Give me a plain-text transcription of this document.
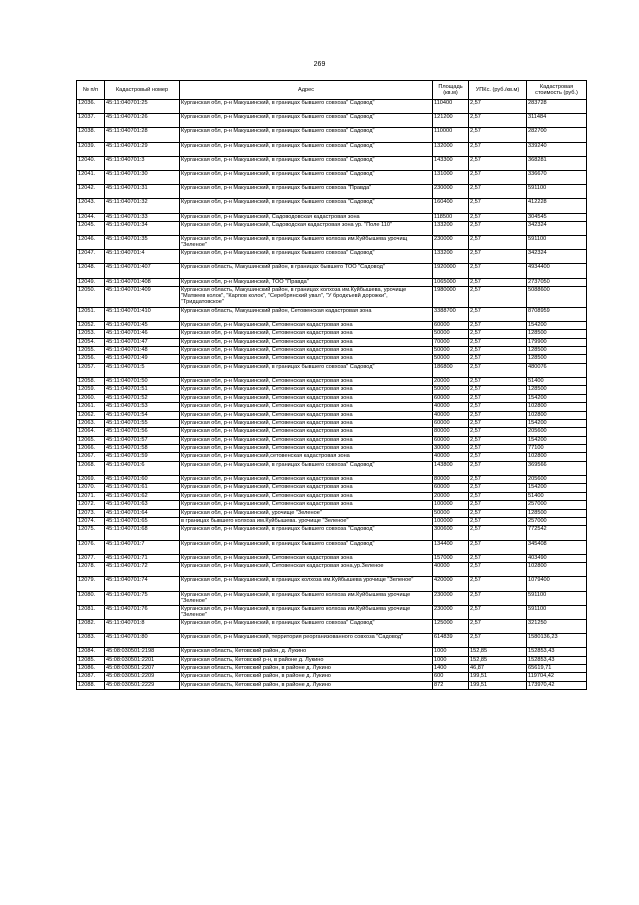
269
№ п/п	Кадастровый номер	Адрес	Площадь (кв.м)	УПКс. (руб./кв.м)	Кадастровая стоимость (руб.)
12036.	45:11:040701:25	Курганская обл, р-н Макушинский, в границах бывшего совхоза" Садовод"	110400	2,57	283728
12037.	45:11:040701:26	Курганская обл, р-н Макушинский, в границах бывшего совхоза" Садовод"	121200	2,57	311484
12038.	45:11:040701:28	Курганская обл, р-н Макушинский, в границах бывшего совхоза" Садовод"	110000	2,57	282700
12039.	45:11:040701:29	Курганская обл, р-н Макушинский, в границах бывшего совхоза" Садовод"	132000	2,57	339240
12040.	45:11:040701:3	Курганская обл, р-н Макушинский, в границах бывшего совхоза" Садовод"	143300	2,57	368281
12041.	45:11:040701:30	Курганская обл, р-н Макушинский, в границах бывшего совхоза" Садовод"	131000	2,57	336670
12042.	45:11:040701:31	Курганская обл, р-н Макушинский, в границах бывшего совхоза "Правда"	230000	2,57	591100
12043.	45:11:040701:32	Курганская обл, р-н Макушинский, в границах бывшего совхоза "Садовод"	160400	2,57	412228
12044.	45:11:040701:33	Курганская обл, р-н Макушинский, Садоводовская кадастровая зона	118500	2,57	304545
12045.	45:11:040701:34	Курганская обл, р-н Макушинский, Садоводская кадастровая зона ур. "Поле 110"	133200	2,57	342324
12046.	45:11:040701:35	Курганская обл, р-н Макушинский, в границах бывшего колхоза им.Куйбышева урочищ "Зеленое"	230000	2,57	591100
12047.	45:11:040701:4	Курганская обл, р-н Макушинский, в границах бывшего совхоза" Садовод"	133200	2,57	342324
12048.	45:11:040701:407	Курганская область, Макушинский район, в границах бывшего ТОО "Садовод"	1920000	2,57	4934400
12049.	45:11:040701:408	Курганская обл, р-н Макушинский, ТОО "Правда"	1065000	2,57	2737050
12050.	45:11:040701:409	Курганская область, Макушинский район, в границах колхоза им.Куйбышева, урочище "Матвеев колок", "Карпов колок", "Серебрянский увал", "У бродкъевй дорожки", "Тридцатовское"	1980000	2,57	5088600
12051.	45:11:040701:410	Курганская область, Макушинский район, Сетовенская кадастровая зона	3388700	2,57	8708959
12052.	45:11:040701:45	Курганская обл, р-н Макушинский, Сетовенская кадастровая зона	60000	2,57	154200
12053.	45:11:040701:46	Курганская обл, р-н Макушинский, Сетовенская кадастровая зона	50000	2,57	128500
12054.	45:11:040701:47	Курганская обл, р-н Макушинский, Сетовенская кадастровая зона	70000	2,57	179900
12055.	45:11:040701:48	Курганская обл, р-н Макушинский, Сетовенская кадастровая зона	50000	2,57	128500
12056.	45:11:040701:49	Курганская обл, р-н Макушинский, Сетовенская кадастровая зона	50000	2,57	128500
12057.	45:11:040701:5	Курганская обл, р-н Макушинский, в границах бывшего совхоза" Садовод"	186800	2,57	480076
12058.	45:11:040701:50	Курганская обл, р-н Макушинский, Сетовенская кадастровая зона	20000	2,57	51400
12059.	45:11:040701:51	Курганская обл, р-н Макушинский, Сетовенская кадастровая зона	50000	2,57	128500
12060.	45:11:040701:52	Курганская обл, р-н Макушинский, Сетовенская кадастровая зона	60000	2,57	154200
12061.	45:11:040701:53	Курганская обл, р-н Макушинский, Сетовенская кадастровая зона	40000	2,57	102800
12062.	45:11:040701:54	Курганская обл, р-н Макушинский, Сетовенская кадастровая зона	40000	2,57	102800
12063.	45:11:040701:55	Курганская обл, р-н Макушинский, Сетовенская кадастровая зона	60000	2,57	154200
12064.	45:11:040701:56	Курганская обл, р-н Макушинский, Сетовенская кадастровая зона	80000	2,57	205600
12065.	45:11:040701:57	Курганская обл, р-н Макушинский, Сетовенская кадастровая зона	60000	2,57	154200
12066.	45:11:040701:58	Курганская обл, р-н Макушинский, Сетовенская кадастровая зона	30000	2,57	77100
12067.	45:11:040701:59	Курганская обл, р-н Макушинский,сетовенская кадастровая зона	40000	2,57	102800
12068.	45:11:040701:6	Курганская обл, р-н Макушинский, в границах бывшего совхоза" Садовод"	143800	2,57	369566
12069.	45:11:040701:60	Курганская обл, р-н Макушинский, Сетовенская кадастровая зона	80000	2,57	205600
12070.	45:11:040701:61	Курганская обл, р-н Макушинский, Сетовенская кадастровая зона	60000	2,57	154200
12071.	45:11:040701:62	Курганская обл, р-н Макушинский, Сетовенская кадастровая зона	20000	2,57	51400
12072.	45:11:040701:63	Курганская обл, р-н Макушинский, Сетовенская кадастровая зона	100000	2,57	257000
12073.	45:11:040701:64	Курганская обл, р-н Макушинский, урочище "Зеленое"	50000	2,57	128500
12074.	45:11:040701:65	в границах бывшего колхоза им.Куйбышева. урочище "Зеленое"	100000	2,57	257000
12075.	45:11:040701:68	Курганская обл, р-н Макушинский, в границах бывшего совхоза "Садовод"	300600	2,57	772542
12076.	45:11:040701:7	Курганская обл, р-н Макушинский, в границах бывшего совхоза" Садовод"	134400	2,57	345408
12077.	45:11:040701:71	Курганская обл, р-н Макушинский, Сетовенская кадастровая зона	157000	2,57	403490
12078.	45:11:040701:72	Курганская обл, р-н Макушинский, Сетовенская кадастровая зона,ур.Зеленое	40000	2,57	102800
12079.	45:11:040701:74	Курганская обл, р-н Макушинский, в границах колхоза им.Куйбышева урочище "Зеленое"	420000	2,57	1079400
12080.	45:11:040701:75	Курганская обл, р-н Макушинский, в границах бывшего колхоза им.Куйбышева урочище "Зеленое"	230000	2,57	591100
12081.	45:11:040701:76	Курганская обл, р-н Макушинский, в границах бывшего колхоза им.Куйбышева урочище "Зеленое"	230000	2,57	591100
12082.	45:11:040701:8	Курганская обл, р-н Макушинский, в границах бывшего совхоза" Садовод"	125000	2,57	321250
12083.	45:11:040701:80	Курганская обл, р-н Макушинский, территория реорганизованного совхоза "Садовод"	614839	2,57	1580136,23
12084.	45:08:030501:2198	Курганская область, Кетовский район, д. Лукино	1000	152,85	152853,43
12085.	45:08:030501:2201	Курганская область, Кетовский р-н, в районе д. Лукино	1000	152,85	152853,43
12086.	45:08:030501:2207	Курганская область, Кетовский район, в районе д. Лукино	1400	46,87	65619,71
12087.	45:08:030501:2209	Курганская область, Кетовский район, в районе д. Лукино	600	199,51	119704,42
12088.	45:08:030501:2229	Курганская область, Кетовский район, в районе д. Лукино	872	199,51	173970,42
